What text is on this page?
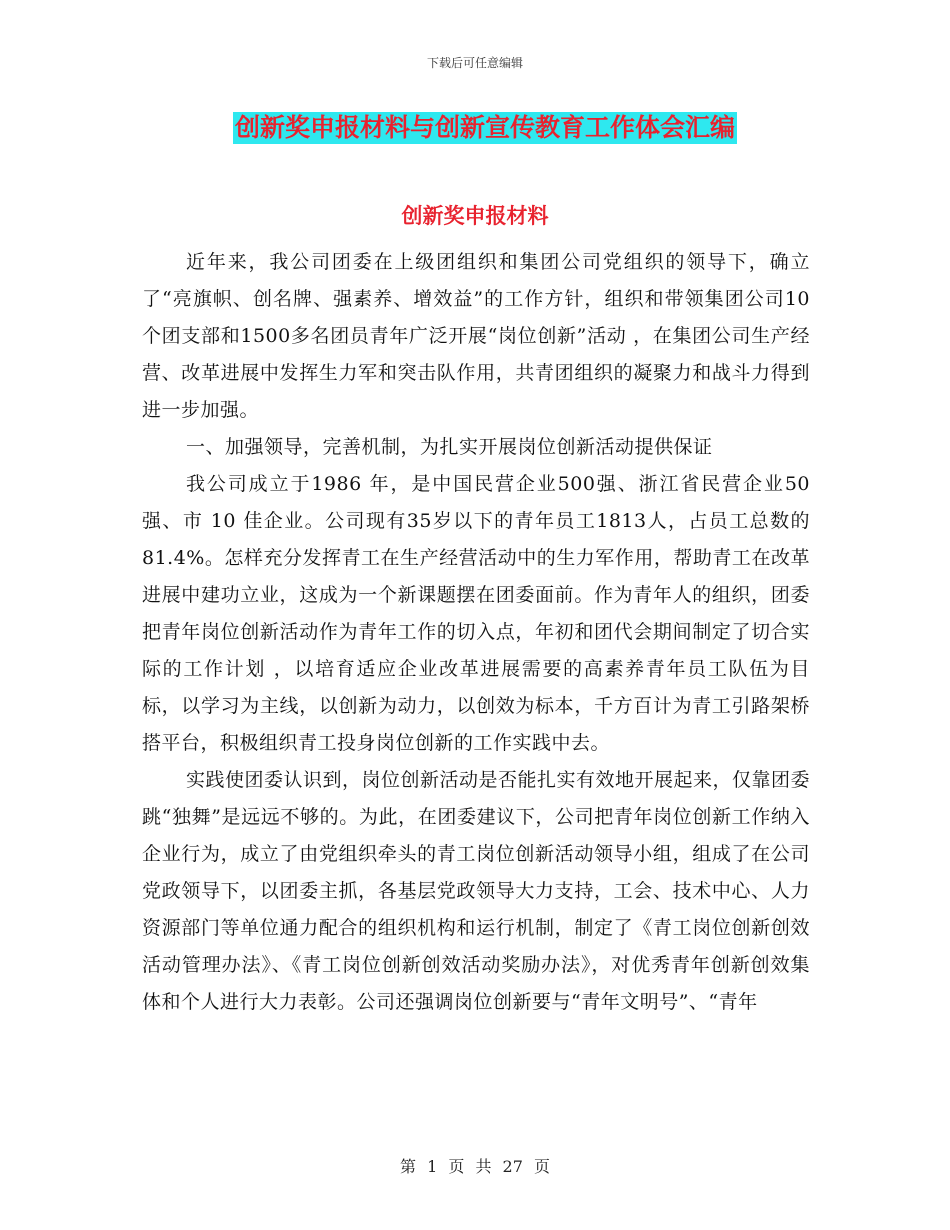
下载后可任意编辑
创新奖申报材料与创新宣传教育工作体会汇编
创新奖申报材料

近年来，我公司团委在上级团组织和集团公司党组织的领导下，确立了“亮旗帜、创名牌、强素养、增效益”的工作方针，组织和带领集团公司10个团支部和1500多名团员青年广泛开展“岗位创新”活动 ，在集团公司生产经营、改革进展中发挥生力军和突击队作用，共青团组织的凝聚力和战斗力得到进一步加强。

一、加强领导，完善机制，为扎实开展岗位创新活动提供保证

我公司成立于1986 年，是中国民营企业500强、浙江省民营企业50 强、市 10 佳企业。公司现有35岁以下的青年员工1813人，占员工总数的81.4%。怎样充分发挥青工在生产经营活动中的生力军作用，帮助青工在改革进展中建功立业，这成为一个新课题摆在团委面前。作为青年人的组织，团委把青年岗位创新活动作为青年工作的切入点，年初和团代会期间制定了切合实际的工作计划 ，以培育适应企业改革进展需要的高素养青年员工队伍为目标，以学习为主线，以创新为动力，以创效为标本，千方百计为青工引路架桥搭平台，积极组织青工投身岗位创新的工作实践中去。

实践使团委认识到，岗位创新活动是否能扎实有效地开展起来，仅靠团委跳“独舞”是远远不够的。为此，在团委建议下，公司把青年岗位创新工作纳入企业行为，成立了由党组织牵头的青工岗位创新活动领导小组，组成了在公司党政领导下，以团委主抓，各基层党政领导大力支持，工会、技术中心、人力资源部门等单位通力配合的组织机构和运行机制，制定了《青工岗位创新创效活动管理办法》、《青工岗位创新创效活动奖励办法》，对优秀青年创新创效集体和个人进行大力表彰。公司还强调岗位创新要与“青年文明号”、“青年

第 1 页 共 27 页
